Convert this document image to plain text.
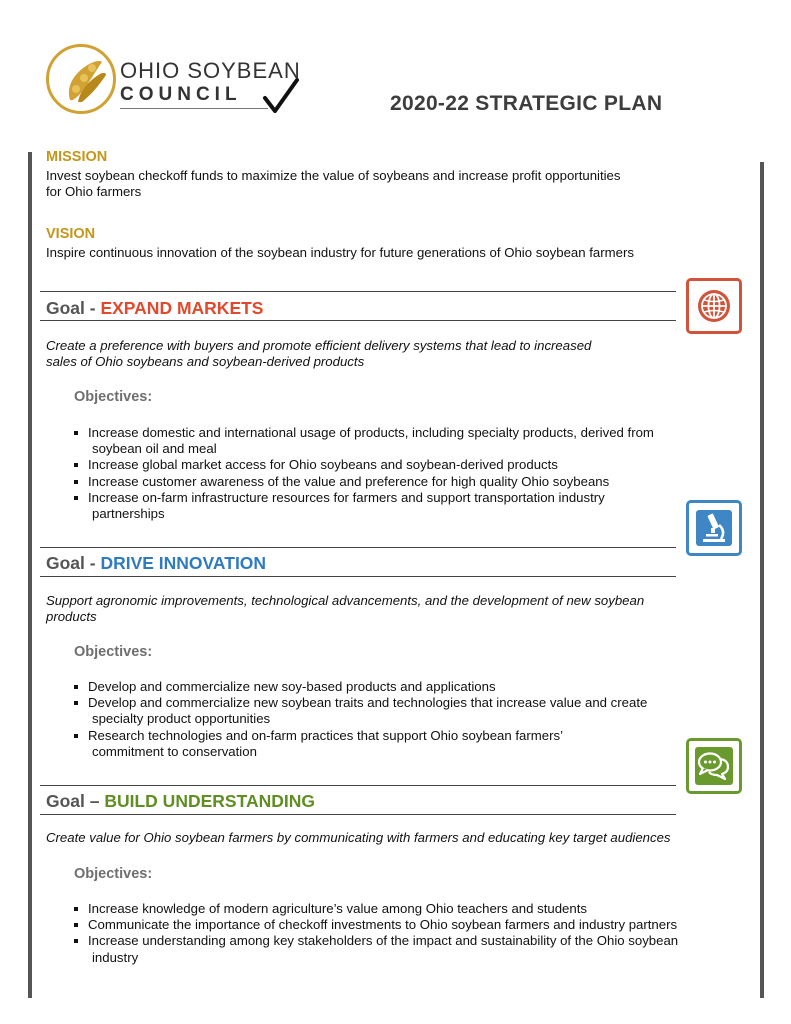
OHIO SOYBEAN
COUNCIL	2020-22 STRATEGIC PLAN
MISSION
Invest soybean checkoff funds to maximize the value of soybeans and increase profit opportunities
for Ohio farmers
VISION
Inspire continuous innovation of the soybean industry for future generations of Ohio soybean farmers
Goal - EXPAND MARKETS
Create a preference with buyers and promote efficient delivery systems that lead to increased
sales of Ohio soybeans and soybean-derived products
Objectives:
Increase domestic and international usage of products, including specialty products, derived from
soybean oil and meal
Increase global market access for Ohio soybeans and soybean-derived products
Increase customer awareness of the value and preference for high quality Ohio soybeans
Increase on-farm infrastructure resources for farmers and support transportation industry
partnerships
Goal - DRIVE INNOVATION
Support agronomic improvements, technological advancements, and the development of new soybean
products
Objectives:
Develop and commercialize new soy-based products and applications
Develop and commercialize new soybean traits and technologies that increase value and create
specialty product opportunities
Research technologies and on-farm practices that support Ohio soybean farmers’
commitment to conservation
Goal – BUILD UNDERSTANDING
Create value for Ohio soybean farmers by communicating with farmers and educating key target audiences
Objectives:
Increase knowledge of modern agriculture’s value among Ohio teachers and students
Communicate the importance of checkoff investments to Ohio soybean farmers and industry partners
Increase understanding among key stakeholders of the impact and sustainability of the Ohio soybean
industry
